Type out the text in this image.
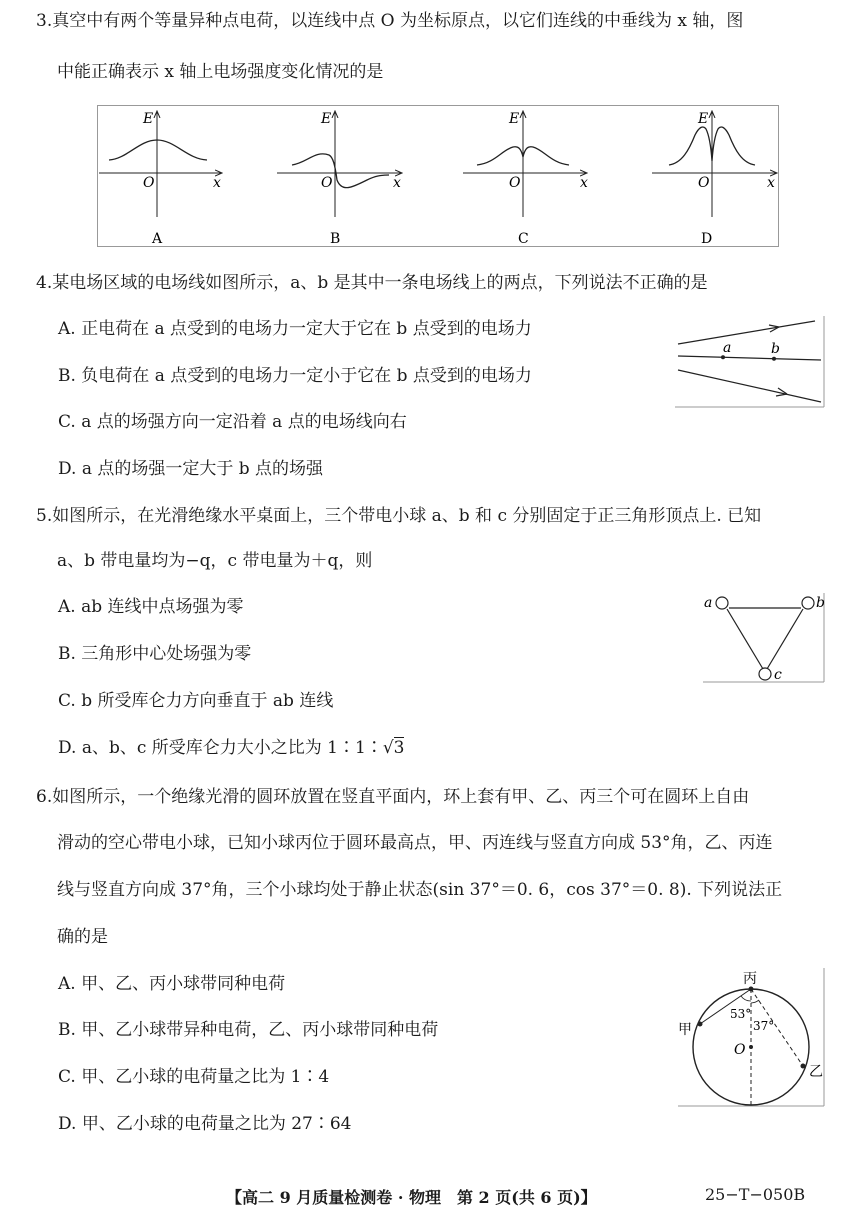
3.真空中有两个等量异种点电荷，以连线中点 O 为坐标原点，以它们连线的中垂线为 x 轴，图
中能正确表示 x 轴上电场强度变化情况的是
E
O	x
A
E
O	x
B
E
O	x
C
E
O	x
D
4.某电场区域的电场线如图所示，a、b 是其中一条电场线上的两点，下列说法不正确的是
A. 正电荷在 a 点受到的电场力一定大于它在 b 点受到的电场力
B. 负电荷在 a 点受到的电场力一定小于它在 b 点受到的电场力
C. a 点的场强方向一定沿着 a 点的电场线向右
D. a 点的场强一定大于 b 点的场强
a	b
5.如图所示，在光滑绝缘水平桌面上，三个带电小球 a、b 和 c 分别固定于正三角形顶点上. 已知
a、b 带电量均为−q，c 带电量为＋q，则
A. ab 连线中点场强为零
B. 三角形中心处场强为零
C. b 所受库仑力方向垂直于 ab 连线
D. a、b、c 所受库仑力大小之比为 1∶1∶√3
a	b
c
6.如图所示，一个绝缘光滑的圆环放置在竖直平面内，环上套有甲、乙、丙三个可在圆环上自由
滑动的空心带电小球，已知小球丙位于圆环最高点，甲、丙连线与竖直方向成 53°角，乙、丙连
线与竖直方向成 37°角，三个小球均处于静止状态(sin 37°＝0. 6，cos 37°＝0. 8). 下列说法正
确的是
A. 甲、乙、丙小球带同种电荷
B. 甲、乙小球带异种电荷，乙、丙小球带同种电荷
C. 甲、乙小球的电荷量之比为 1∶4
D. 甲、乙小球的电荷量之比为 27∶64
丙
甲
乙
O
53°
37°
【高二 9 月质量检测卷 · 物理　第 2 页(共 6 页)】	25−T−050B
